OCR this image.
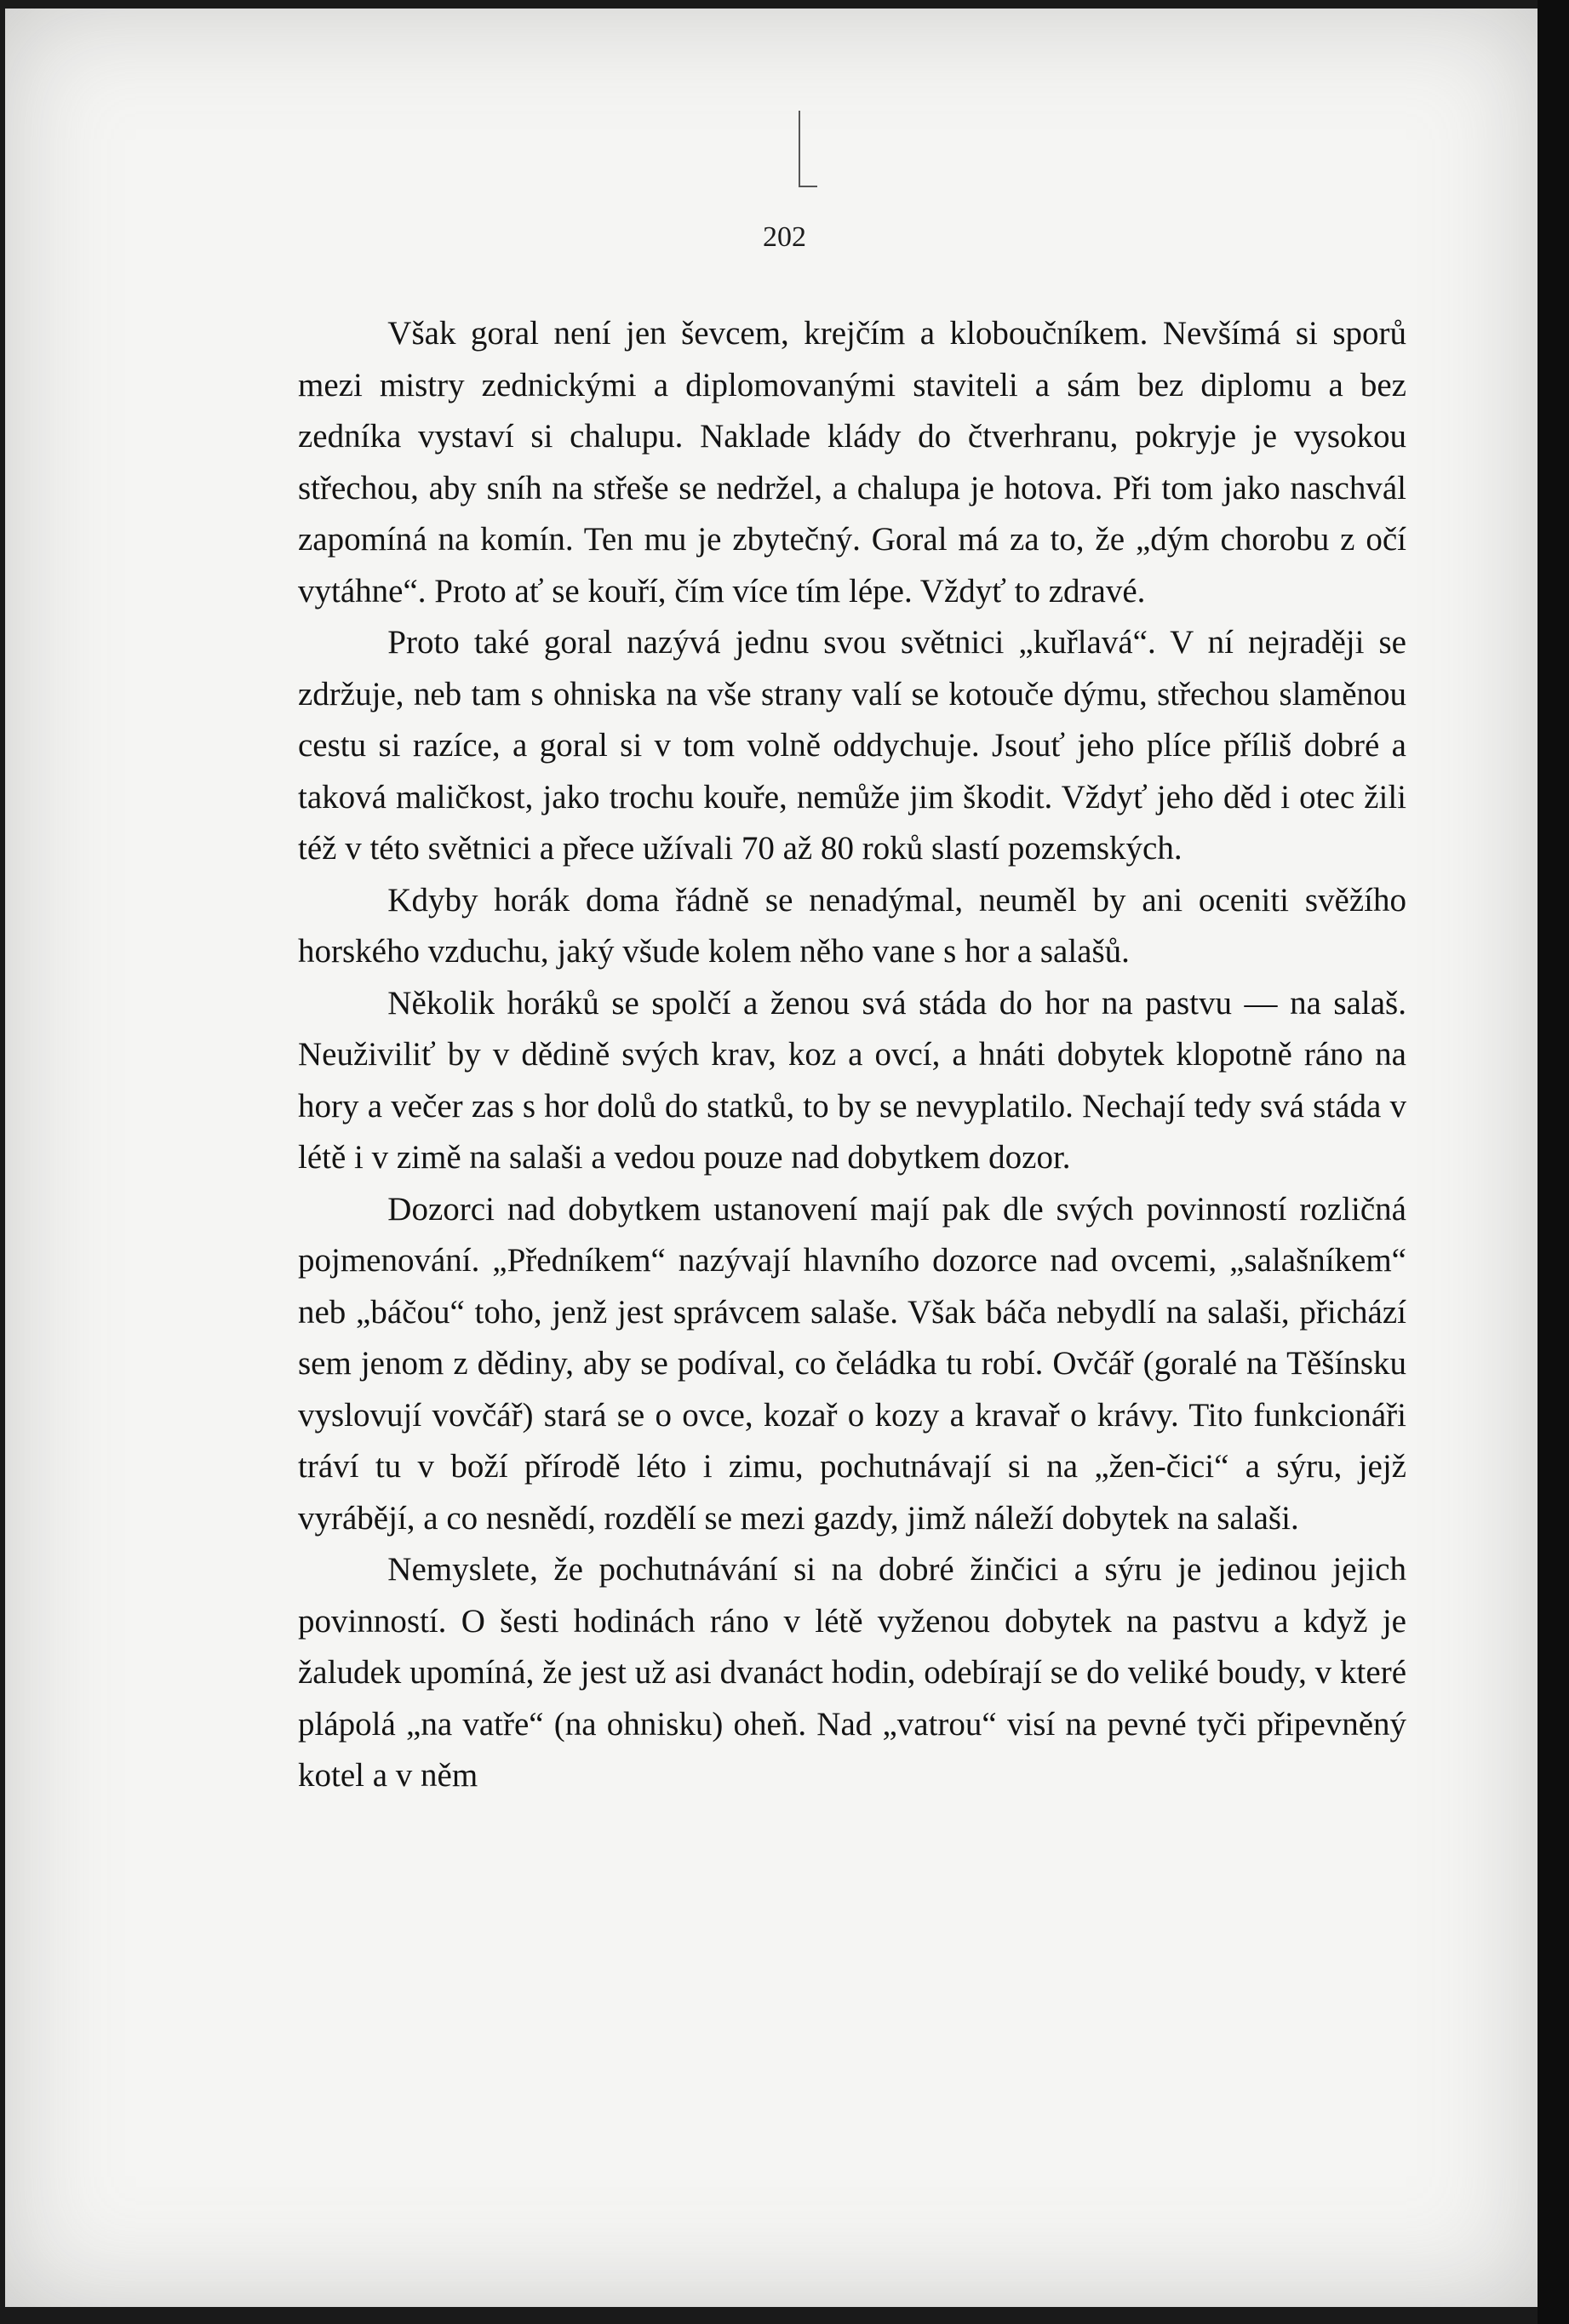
202

Však goral není jen ševcem, krejčím a kloboučníkem. Nevšímá si sporů mezi mistry zednickými a diplomovanými staviteli a sám bez diplomu a bez zedníka vystaví si chalupu. Naklade klády do čtverhranu, pokryje je vysokou střechou, aby sníh na střeše se nedržel, a chalupa je hotova. Při tom jako naschvál zapomíná na komín. Ten mu je zbytečný. Goral má za to, že „dým chorobu z očí vytáhne“. Proto ať se kouří, čím více tím lépe. Vždyť to zdravé.

Proto také goral nazývá jednu svou světnici „kuřlavá“. V ní nejraději se zdržuje, neb tam s ohniska na vše strany valí se kotouče dýmu, střechou slaměnou cestu si razíce, a goral si v tom volně oddychuje. Jsouť jeho plíce příliš dobré a taková maličkost, jako trochu kouře, nemůže jim škodit. Vždyť jeho děd i otec žili též v této světnici a přece užívali 70 až 80 roků slastí pozemských.

Kdyby horák doma řádně se nenadýmal, neuměl by ani oceniti svěžího horského vzduchu, jaký všude kolem něho vane s hor a salašů.

Několik horáků se spolčí a ženou svá stáda do hor na pastvu — na salaš. Neuživiliť by v dědině svých krav, koz a ovcí, a hnáti dobytek klopotně ráno na hory a večer zas s hor dolů do statků, to by se nevyplatilo. Nechají tedy svá stáda v létě i v zimě na salaši a vedou pouze nad dobytkem dozor.

Dozorci nad dobytkem ustanovení mají pak dle svých povinností rozličná pojmenování. „Předníkem“ nazývají hlavního dozorce nad ovcemi, „salašníkem“ neb „báčou“ toho, jenž jest správcem salaše. Však báča nebydlí na salaši, přichází sem jenom z dědiny, aby se podíval, co čeládka tu robí. Ovčář (goralé na Těšínsku vyslovují vovčář) stará se o ovce, kozař o kozy a kravař o krávy. Tito funkcionáři tráví tu v boží přírodě léto i zimu, pochutnávají si na „žen-čici“ a sýru, jejž vyrábějí, a co nesnědí, rozdělí se mezi gazdy, jimž náleží dobytek na salaši.

Nemyslete, že pochutnávání si na dobré žinčici a sýru je jedinou jejich povinností. O šesti hodinách ráno v létě vyženou dobytek na pastvu a když je žaludek upomíná, že jest už asi dvanáct hodin, odebírají se do veliké boudy, v které plápolá „na vatře“ (na ohnisku) oheň. Nad „vatrou“ visí na pevné tyči připevněný kotel a v něm
